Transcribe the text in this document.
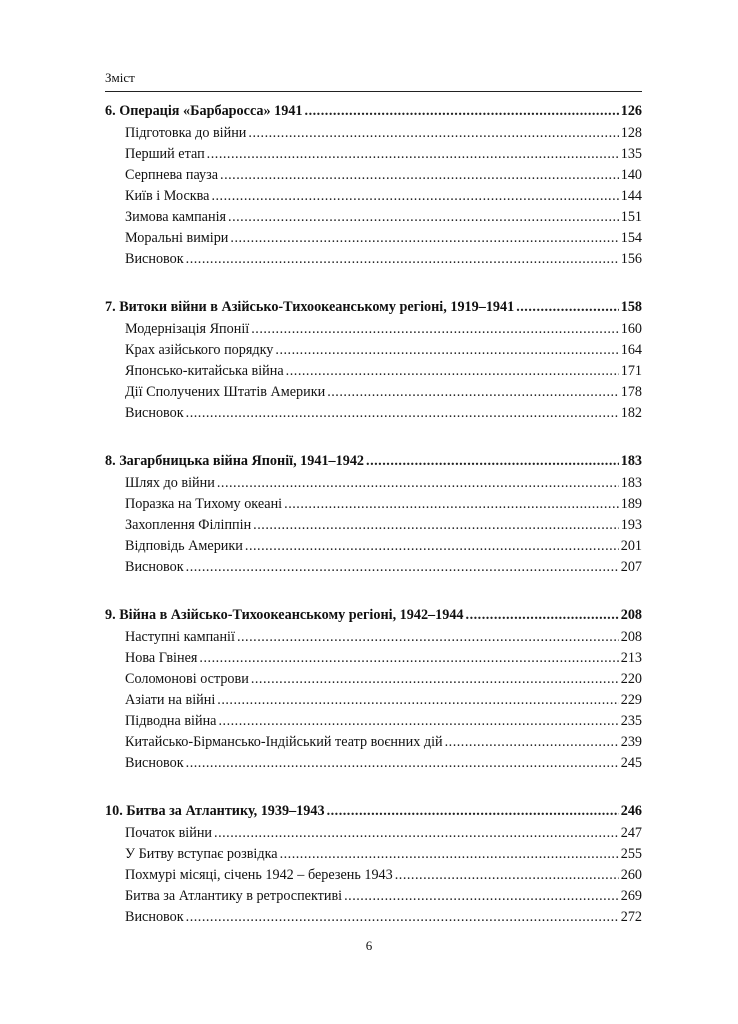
Зміст
6. Операція «Барбаросса» 1941 .....	126
Підготовка до війни .....	128
Перший етап .....	135
Серпнева пауза .....	140
Київ і Москва .....	144
Зимова кампанія .....	151
Моральні виміри .....	154
Висновок .....	156
7. Витоки війни в Азійсько-Тихоокеанському регіоні, 1919–1941 .....	158
Модернізація Японії .....	160
Крах азійського порядку .....	164
Японсько-китайська війна .....	171
Дії Сполучених Штатів Америки .....	178
Висновок .....	182
8. Загарбницька війна Японії, 1941–1942 .....	183
Шлях до війни .....	183
Поразка на Тихому океані .....	189
Захоплення Філіппін .....	193
Відповідь Америки .....	201
Висновок .....	207
9. Війна в Азійсько-Тихоокеанському регіоні, 1942–1944 .....	208
Наступні кампанії .....	208
Нова Гвінея .....	213
Соломонові острови .....	220
Азіати на війні .....	229
Підводна війна .....	235
Китайсько-Бірмансько-Індійський театр воєнних дій .....	239
Висновок .....	245
10. Битва за Атлантику, 1939–1943 .....	246
Початок війни .....	247
У Битву вступає розвідка .....	255
Похмурі місяці, січень 1942 – березень 1943 .....	260
Битва за Атлантику в ретроспективі .....	269
Висновок .....	272
6
